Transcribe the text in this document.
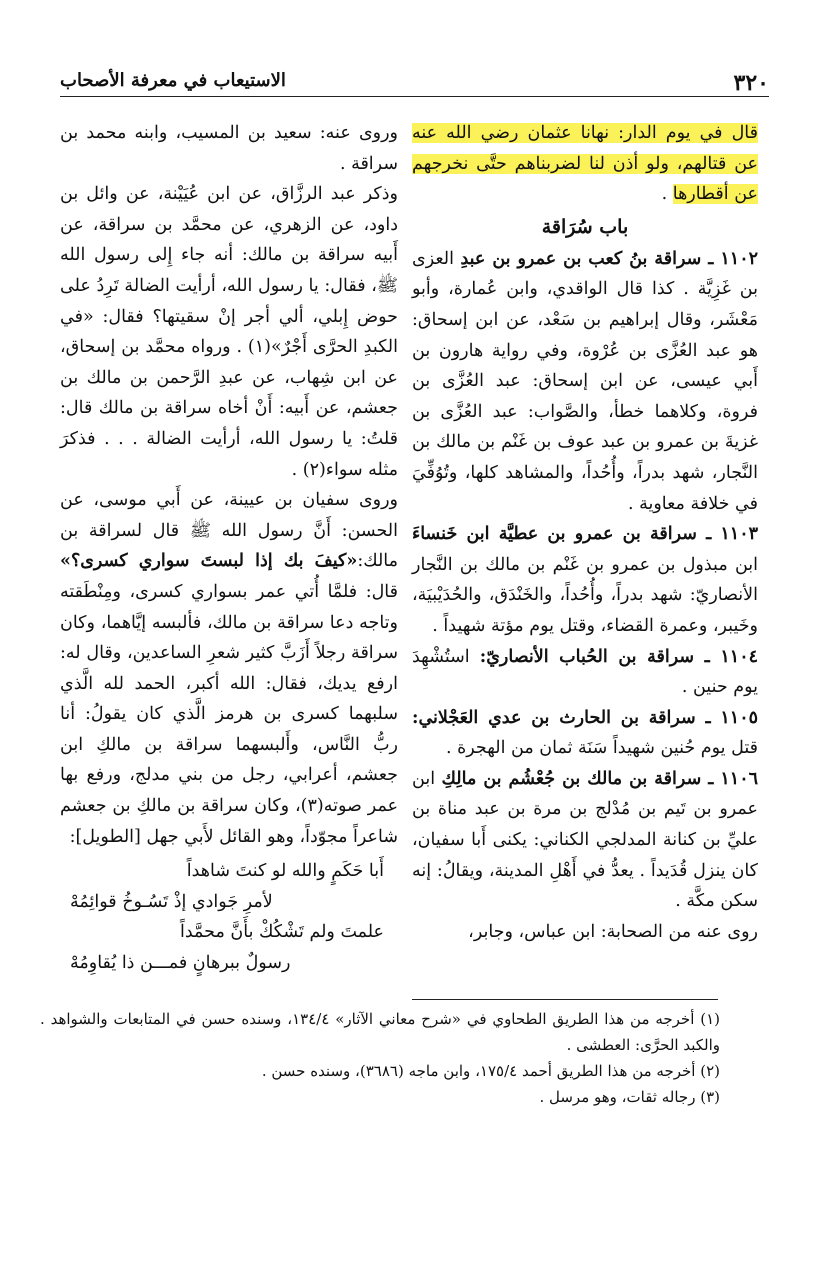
٣٢٠
الاستيعاب في معرفة الأصحاب

قال في يوم الدار: نهانا عثمان رضي الله عنه عن قتالهم، ولو أذن لنا لضربناهم حتَّى نخرجهم عن أقطارها .

باب سُرَاقة

١١٠٢ ـ سراقة بنُ كعب بن عمرو بن عبدِ العزى بن غَزِيَّة . كذا قال الواقدي، وابن عُمارة، وأبو مَعْشَر، وقال إبراهيم بن سَعْد، عن ابن إسحاق: هو عبد العُزَّى بن عُرْوة، وفي رواية هارون بن أَبي عيسى، عن ابن إسحاق: عبد العُزَّى بن فروة، وكلاهما خطأ، والصَّواب: عبد العُزَّى بن غزيةَ بن عمرو بن عبد عوف بن غَنْم بن مالك بن النَّجار، شهد بدراً، وأُحُداً، والمشاهد كلها، وتُوُفِّيَ في خلافة معاوية .

١١٠٣ ـ سراقة بن عمرو بن عطيَّة ابن خَنساءَ ابن مبذول بن عمرو بن غَنْم بن مالك بن النَّجار الأنصاريّ: شهد بدراً، وأُحُداً، والخَنْدَق، والحُدَيْبيَة، وخَيبر، وعمرة القضاء، وقتل يوم مؤتة شهيداً .

١١٠٤ ـ سراقة بن الحُباب الأنصاريّ: استُشْهِدَ يوم حنين .

١١٠٥ ـ سراقة بن الحارث بن عدي العَجْلاني: قتل يوم حُنين شهيداً سَنَة ثمان من الهجرة .

١١٠٦ ـ سراقة بن مالك بن جُعْشُم بن مالِكِ ابن عمرو بن تَيم بن مُدْلج بن مرة بن عبد مناة بن عليِّ بن كنانة المدلجي الكناني: يكنى أَبا سفيان، كان ينزل قُدَيداً . يعدُّ في أَهْلِ المدينة، ويقالُ: إنه سكن مكَّة .

روى عنه من الصحابة: ابن عباس، وجابر،

وروى عنه: سعيد بن المسيب، وابنه محمد بن سراقة .

وذكر عبد الرزَّاق، عن ابن عُيَيْنة، عن وائل بن داود، عن الزهري، عن محمَّد بن سراقة، عن أَبيه سراقة بن مالك: أنه جاء إِلى رسول الله ﷺ، فقال: يا رسول الله، أرأيت الضالة تَرِدُ على حوض إِبلي، ألي أجر إنْ سقيتها؟ فقال: «في الكبدِ الحرَّى أَجْرٌ»(١) . ورواه محمَّد بن إسحاق، عن ابن شِهاب، عن عبدِ الرَّحمن بن مالك بن جعشم، عن أَبيه: أَنْ أخاه سراقة بن مالك قال: قلتُ: يا رسول الله، أرأيت الضالة . . . فذكرَ مثله سواء(٢) .

وروى سفيان بن عيينة، عن أَبي موسى، عن الحسن: أَنَّ رسول الله ﷺ قال لسراقة بن مالك:«كيفَ بك إذا لبستَ سواري كسرى؟» قال: فلمَّا أُتي عمر بسواري كسرى، ومِنْطَقته وتاجه دعا سراقة بن مالك، فألبسه إيَّاهما، وكان سراقة رجلاً أَزَبَّ كثير شعرِ الساعدين، وقال له: ارفع يديك، فقال: الله أكبر، الحمد لله الَّذي سلبهما كسرى بن هرمز الَّذي كان يقولُ: أنا ربُّ النَّاس، وأَلبسهما سراقة بن مالكِ ابن جعشم، أعرابي، رجل من بني مدلج، ورفع بها عمر صوته(٣)، وكان سراقة بن مالكِ بن جعشم شاعراً مجوّداً، وهو القائل لأَبي جهل [الطويل]:

أَبا حَكَمٍ والله لو كنتَ شاهداً
لأمرِ جَوادي إذْ تَسُـوخُ قوائِمُهْ
علمتَ ولم تَشْكُكْ بأَنَّ محمَّداً
رسولٌ ببرهانٍ فمـــن ذا يُقاوِمُهْ

(١) أخرجه من هذا الطريق الطحاوي في «شرح معاني الآثار» ١٣٤/٤، وسنده حسن في المتابعات والشواهد . والكبد الحرَّى: العطشى .

(٢) أخرجه من هذا الطريق أحمد ١٧٥/٤، وابن ماجه (٣٦٨٦)، وسنده حسن .

(٣) رجاله ثقات، وهو مرسل .
